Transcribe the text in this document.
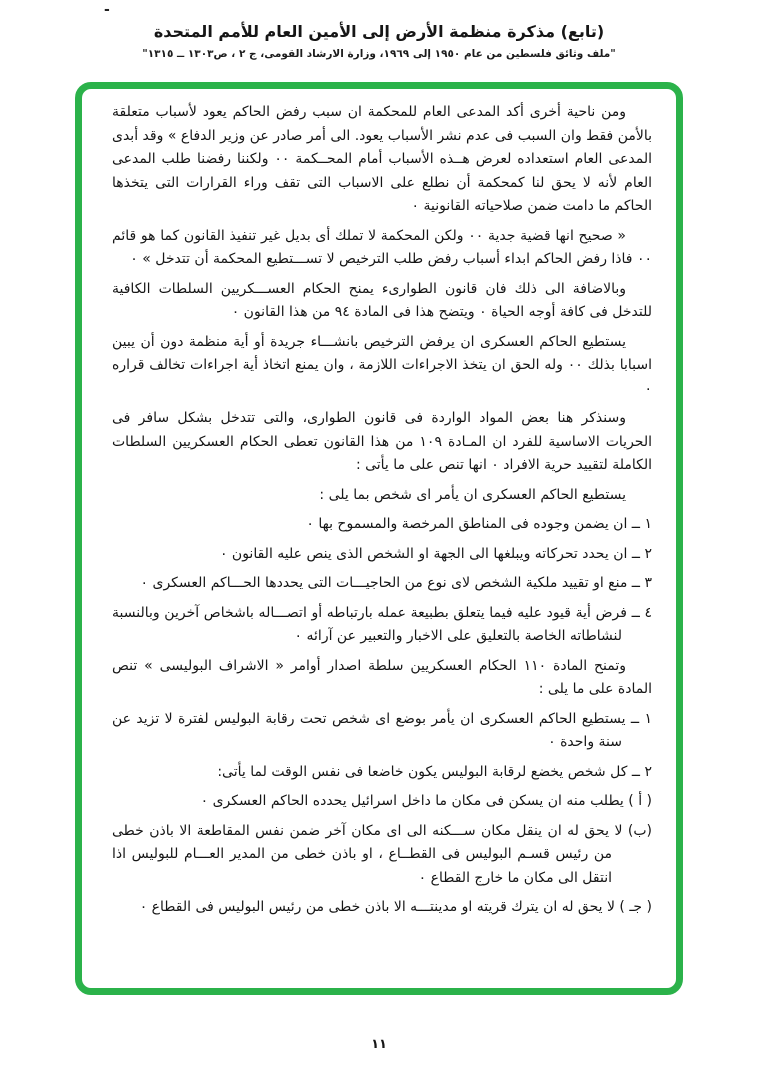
-
(تابع) مذكرة منظمة الأرض إلى الأمين العام للأمم المتحدة
"ملف وثائق فلسطين من عام ١٩٥٠ إلى ١٩٦٩، وزارة الارشاد القومى، ج ٢ ، ص١٣٠٣ ــ ١٣١٥"

ومن ناحية أخرى أكد المدعى العام للمحكمة ان سبب رفض الحاكم يعود لأسباب متعلقة بالأمن فقط وان السبب فى عدم نشر الأسباب يعود. الى أمر صادر عن وزير الدفاع » وقد أبدى المدعى العام استعداده لعرض هــذه الأسباب أمام المحــكمة ٠٠ ولكننا رفضنا طلب المدعى العام لأنه لا يحق لنا كمحكمة أن نطلع على الاسباب التى تقف وراء القرارات التى يتخذها الحاكم ما دامت ضمن صلاحياته القانونية ٠

« صحيح انها قضية جدية ٠٠ ولكن المحكمة لا تملك أى بديل غير تنفيذ القانون كما هو قائم ٠٠ فاذا رفض الحاكم ابداء أسباب رفض طلب الترخيص لا تســـتطيع المحكمة أن تتدخل » ٠

وبالاضافة الى ذلك فان قانون الطوارىء يمنح الحكام العســـكريين السلطات الكافية للتدخل فى كافة أوجه الحياة ٠ ويتضح هذا فى المادة ٩٤ من هذا القانون ٠

يستطيع الحاكم العسكرى ان يرفض الترخيص بانشـــاء جريدة أو أية منظمة دون أن يبين اسبابا بذلك ٠٠ وله الحق ان يتخذ الاجراءات اللازمة ، وان يمنع اتخاذ أية اجراءات تخالف قراره ٠

وسنذكر هنا بعض المواد الواردة فى قانون الطوارى، والتى تتدخل بشكل سافر فى الحريات الاساسية للفرد ان المـادة ١٠٩ من هذا القانون تعطى الحكام العسكريين السلطات الكاملة لتقييد حرية الافراد ٠ انها تنص على ما يأتى :

يستطيع الحاكم العسكرى ان يأمر اى شخص بما يلى :

١ ــ ان يضمن وجوده فى المناطق المرخصة والمسموح بها ٠

٢ ــ ان يحدد تحركاته ويبلغها الى الجهة او الشخص الذى ينص عليه القانون ٠

٣ ــ منع او تقييد ملكية الشخص لاى نوع من الحاجيـــات التى يحددها الحـــاكم العسكرى ٠

٤ ــ فرض أية قيود عليه فيما يتعلق بطبيعة عمله بارتباطه أو اتصـــاله باشخاص آخرين وبالنسبة لنشاطاته الخاصة بالتعليق على الاخبار والتعبير عن آرائه ٠

وتمنح المادة ١١٠ الحكام العسكريين سلطة اصدار أوامر « الاشراف البوليسى » تنص المادة على ما يلى :

١ ــ يستطيع الحاكم العسكرى ان يأمر بوضع اى شخص تحت رقابة البوليس لفترة لا تزيد عن سنة واحدة ٠

٢ ــ كل شخص يخضع لرقابة البوليس يكون خاضعا فى نفس الوقت لما يأتى:

( أ ) يطلب منه ان يسكن فى مكان ما داخل اسرائيل يحدده الحاكم العسكرى ٠

(ب) لا يحق له ان ينقل مكان ســـكنه الى اى مكان آخر ضمن نفس المقاطعة الا باذن خطى من رئيس قسـم البوليس فى القطــاع ، او باذن خطى من المدير العـــام للبوليس اذا انتقل الى مكان ما خارج القطاع ٠

( جـ ) لا يحق له ان يترك قريته او مدينتـــه الا باذن خطى من رئيس البوليس فى القطاع ٠

١١
